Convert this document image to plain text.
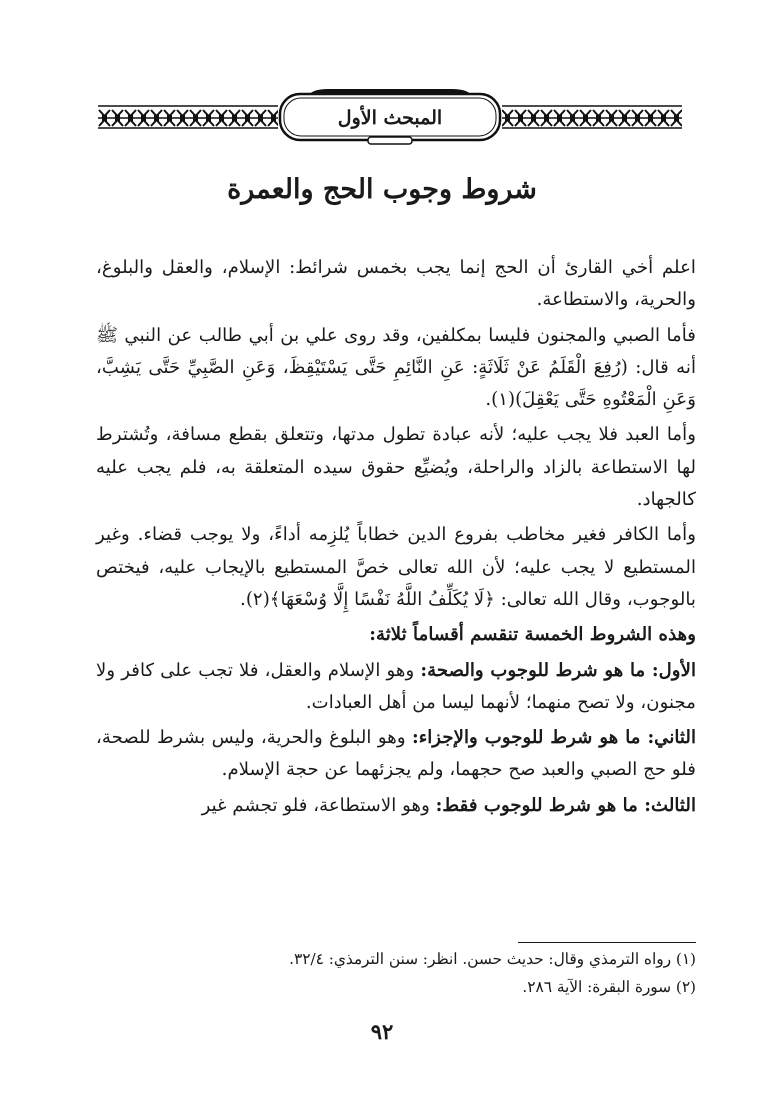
المبحث الأول
شروط وجوب الحج والعمرة

اعلم أخي القارئ أن الحج إنما يجب بخمس شرائط: الإسلام، والعقل والبلوغ، والحرية، والاستطاعة.

فأما الصبي والمجنون فليسا بمكلفين، وقد روى علي بن أبي طالب عن النبي ﷺ أنه قال: (رُفِعَ الْقَلَمُ عَنْ ثَلَاثَةٍ: عَنِ النَّائِمِ حَتَّى يَسْتَيْقِظَ، وَعَنِ الصَّبِيِّ حَتَّى يَشِبَّ، وَعَنِ الْمَعْتُوهِ حَتَّى يَعْقِلَ)(١).

وأما العبد فلا يجب عليه؛ لأنه عبادة تطول مدتها، وتتعلق بقطع مسافة، وتُشترط لها الاستطاعة بالزاد والراحلة، ويُضيِّع حقوق سيده المتعلقة به، فلم يجب عليه كالجهاد.

وأما الكافر فغير مخاطب بفروع الدين خطاباً يُلزِمه أداءً، ولا يوجب قضاء. وغير المستطيع لا يجب عليه؛ لأن الله تعالى خصَّ المستطيع بالإيجاب عليه، فيختص بالوجوب، وقال الله تعالى: ﴿لَا يُكَلِّفُ اللَّهُ نَفْسًا إِلَّا وُسْعَهَا﴾(٢).

وهذه الشروط الخمسة تنقسم أقساماً ثلاثة:

الأول: ما هو شرط للوجوب والصحة: وهو الإسلام والعقل، فلا تجب على كافر ولا مجنون، ولا تصح منهما؛ لأنهما ليسا من أهل العبادات.

الثاني: ما هو شرط للوجوب والإجزاء: وهو البلوغ والحرية، وليس بشرط للصحة، فلو حج الصبي والعبد صح حجهما، ولم يجزئهما عن حجة الإسلام.

الثالث: ما هو شرط للوجوب فقط: وهو الاستطاعة، فلو تجشم غير

(١) رواه الترمذي وقال: حديث حسن. انظر: سنن الترمذي: ٣٢/٤.
(٢) سورة البقرة: الآية ٢٨٦.
٩٢
